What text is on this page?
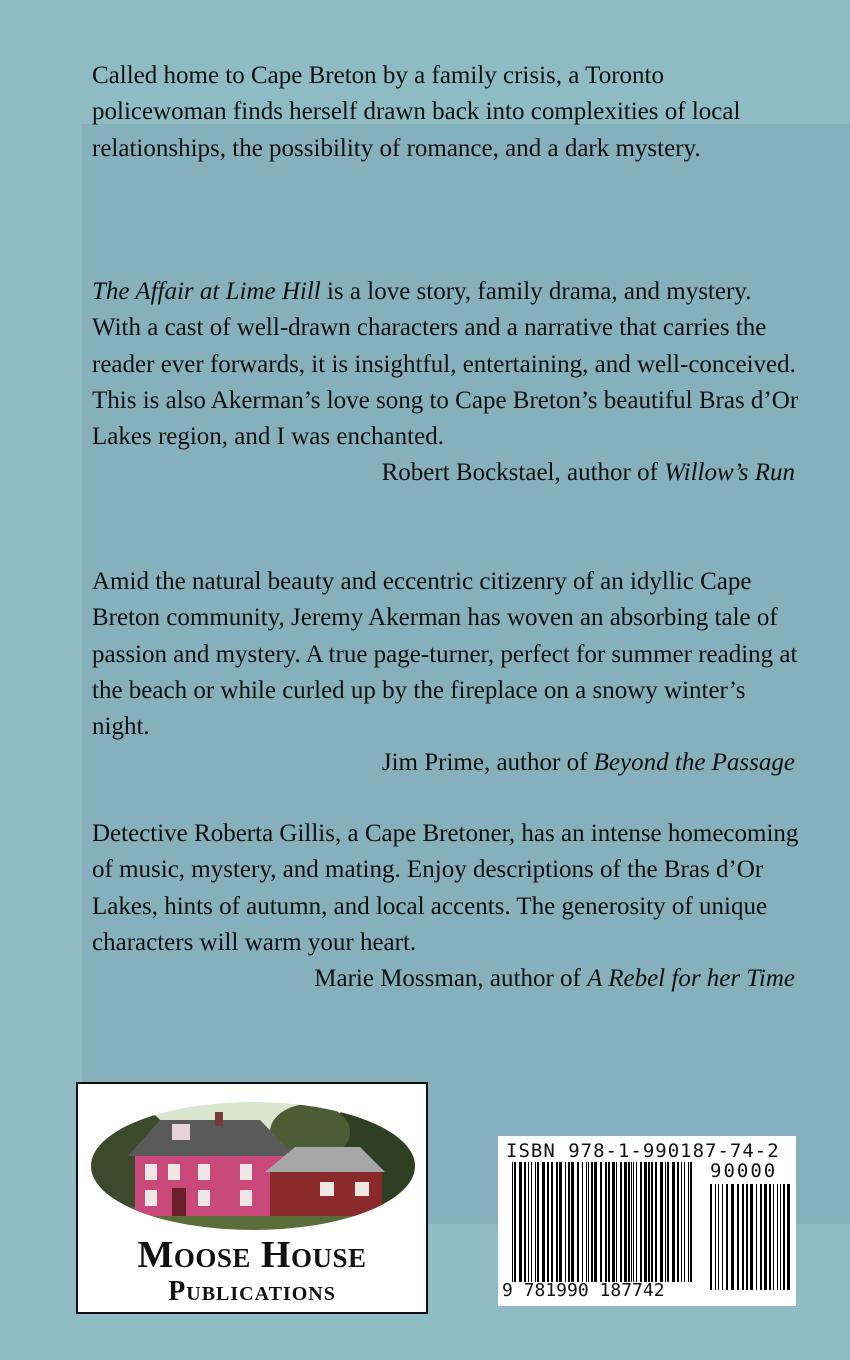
Called home to Cape Breton by a family crisis, a Toronto policewoman finds herself drawn back into complexities of local relationships, the possibility of romance, and a dark mystery.

The Affair at Lime Hill is a love story, family drama, and mystery. With a cast of well-drawn characters and a narrative that carries the reader ever forwards, it is insightful, entertaining, and well-conceived. This is also Akerman’s love song to Cape Breton’s beautiful Bras d’Or Lakes region, and I was enchanted.

Robert Bockstael, author of Willow’s Run

Amid the natural beauty and eccentric citizenry of an idyllic Cape Breton community, Jeremy Akerman has woven an absorbing tale of passion and mystery. A true page-turner, perfect for summer reading at the beach or while curled up by the fireplace on a snowy winter’s night.

Jim Prime, author of Beyond the Passage

Detective Roberta Gillis, a Cape Bretoner, has an intense homecoming of music, mystery, and mating. Enjoy descriptions of the Bras d’Or Lakes, hints of autumn, and local accents. The generosity of unique characters will warm your heart.

Marie Mossman, author of A Rebel for her Time

Moose House
Publications
ISBN 978-1-990187-74-2
90000
9 781990 187742
